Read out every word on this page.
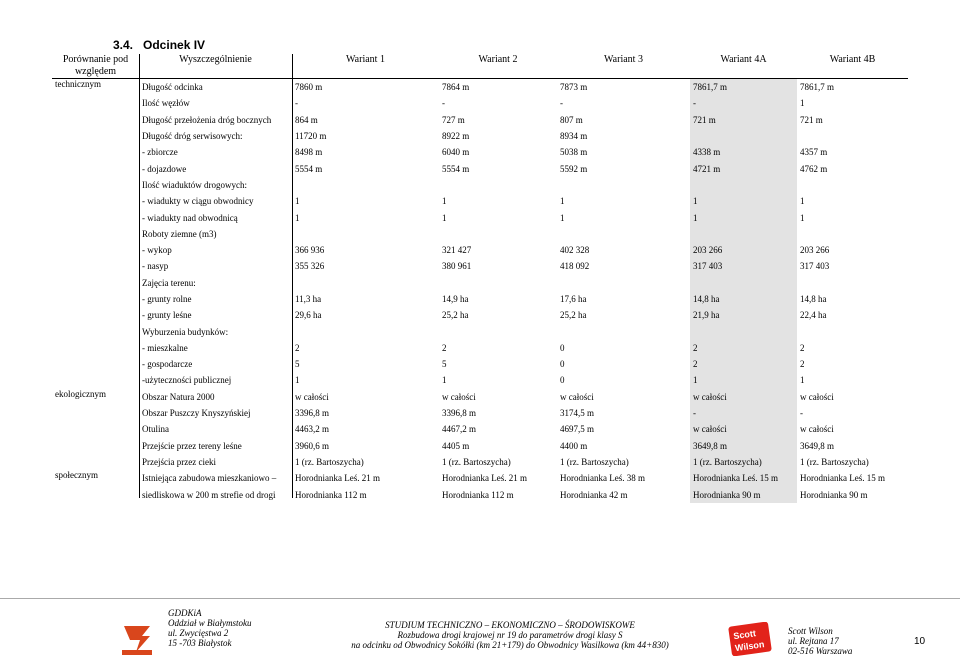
3.4. Odcinek IV
Porównanie pod względem	Wyszczególnienie	Wariant 1	Wariant 2	Wariant 3	Wariant 4A	Wariant 4B
technicznym	Długość odcinka	7860 m	7864 m	7873 m	7861,7 m	7861,7 m
	Ilość węzłów	-	-	-	-	1
	Długość przełożenia dróg bocznych	864 m	727 m	807 m	721 m	721 m
	Długość dróg serwisowych:	11720 m	8922 m	8934 m		
	- zbiorcze	8498 m	6040 m	5038 m	4338 m	4357 m
	- dojazdowe	5554 m	5554 m	5592 m	4721 m	4762 m
	Ilość wiaduktów drogowych:					
	- wiadukty w ciągu obwodnicy	1	1	1	1	1
	- wiadukty nad obwodnicą	1	1	1	1	1
	Roboty ziemne (m3)					
	- wykop	366 936	321 427	402 328	203 266	203 266
	- nasyp	355 326	380 961	418 092	317 403	317 403
	Zajęcia terenu:					
	- grunty rolne	11,3 ha	14,9 ha	17,6 ha	14,8 ha	14,8 ha
	- grunty leśne	29,6 ha	25,2 ha	25,2 ha	21,9 ha	22,4 ha
	Wyburzenia budynków:					
	- mieszkalne	2	2	0	2	2
	- gospodarcze	5	5	0	2	2
	-użyteczności publicznej	1	1	0	1	1
ekologicznym	Obszar Natura 2000	w całości	w całości	w całości	w całości	w całości
	Obszar Puszczy Knyszyńskiej	3396,8 m	3396,8 m	3174,5 m	-	-
	Otulina	4463,2 m	4467,2 m	4697,5 m	w całości	w całości
	Przejście przez tereny leśne	3960,6 m	4405 m	4400 m	3649,8 m	3649,8 m
	Przejścia przez cieki	1 (rz. Bartoszycha)	1 (rz. Bartoszycha)	1 (rz. Bartoszycha)	1 (rz. Bartoszycha)	1 (rz. Bartoszycha)
społecznym	Istniejąca zabudowa mieszkaniowo –	Horodnianka Leś. 21 m	Horodnianka Leś. 21 m	Horodnianka Leś. 38 m	Horodnianka Leś. 15 m	Horodnianka Leś. 15 m
	siedliskowa w 200 m strefie od drogi	Horodnianka 112 m	Horodnianka 112 m	Horodnianka 42 m	Horodnianka 90 m	Horodnianka 90 m
GDDKiA
Oddział w Białymstoku
ul. Zwycięstwa 2
15 -703 Białystok
STUDIUM TECHNICZNO – EKONOMICZNO – ŚRODOWISKOWE
Rozbudowa drogi krajowej nr 19 do parametrów drogi klasy S
na odcinku od Obwodnicy Sokółki (km 21+179) do Obwodnicy Wasilkowa (km 44+830)
Scott
Wilson
Scott Wilson
ul. Rejtana 17
02-516 Warszawa
10
